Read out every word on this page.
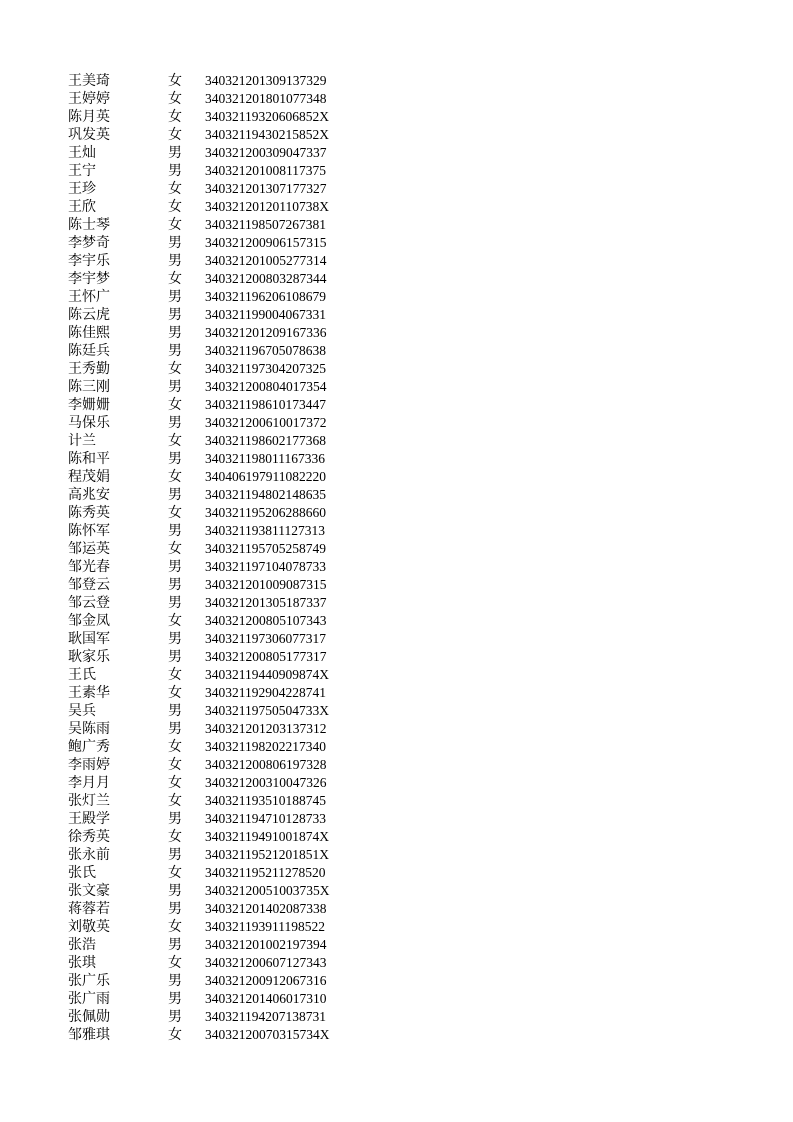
王美琦	女 340321201309137329
王婷婷	女 340321201801077348
陈月英	女 34032119320606852X
巩发英	女 34032119430215852X
王灿	男 340321200309047337
王宁	男 340321201008117375
王珍	女 340321201307177327
王欣	女 34032120120110738X
陈士琴	女 340321198507267381
李梦奇	男 340321200906157315
李宇乐	男 340321201005277314
李宇梦	女 340321200803287344
王怀广	男 340321196206108679
陈云虎	男 340321199004067331
陈佳熙	男 340321201209167336
陈廷兵	男 340321196705078638
王秀勤	女 340321197304207325
陈三刚	男 340321200804017354
李姗姗	女 340321198610173447
马保乐	男 340321200610017372
计兰	女 340321198602177368
陈和平	男 340321198011167336
程茂娟	女 340406197911082220
高兆安	男 340321194802148635
陈秀英	女 340321195206288660
陈怀军	男 340321193811127313
邹运英	女 340321195705258749
邹光春	男 340321197104078733
邹登云	男 340321201009087315
邹云登	男 340321201305187337
邹金凤	女 340321200805107343
耿国军	男 340321197306077317
耿家乐	男 340321200805177317
王氏	女 34032119440909874X
王素华	女 340321192904228741
吴兵	男 34032119750504733X
吴陈雨	男 340321201203137312
鲍广秀	女 340321198202217340
李雨婷	女 340321200806197328
李月月	女 340321200310047326
张灯兰	女 340321193510188745
王殿学	男 340321194710128733
徐秀英	女 34032119491001874X
张永前	男 34032119521201851X
张氏	女 340321195211278520
张文豪	男 34032120051003735X
蒋蓉若	男 340321201402087338
刘敬英	女 340321193911198522
张浩	男 340321201002197394
张琪	女 340321200607127343
张广乐	男 340321200912067316
张广雨	男 340321201406017310
张佩勋	男 340321194207138731
邹雅琪	女 34032120070315734X
